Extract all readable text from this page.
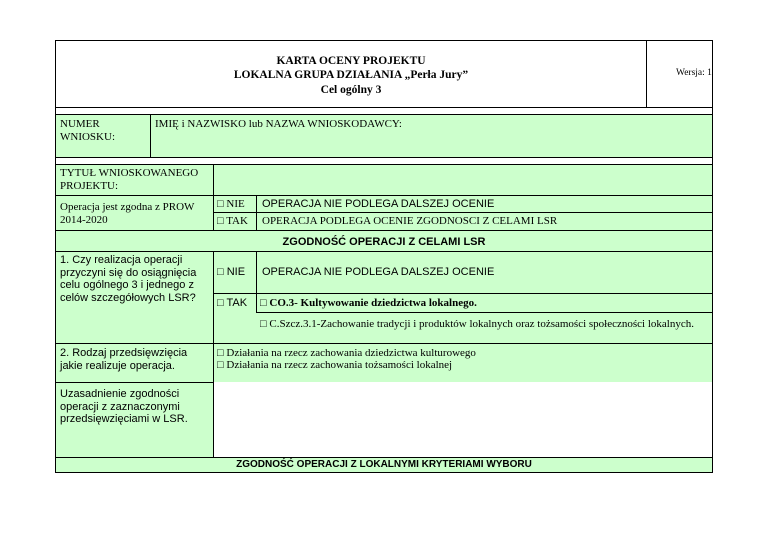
KARTA OCENY PROJEKTU
LOKALNA GRUPA DZIAŁANIA „Perła Jury”
Cel ogólny 3
Wersja: 1
NUMER WNIOSKU:
IMIĘ i NAZWISKO lub NAZWA WNIOSKODAWCY:
TYTUŁ WNIOSKOWANEGO PROJEKTU:
Operacja jest zgodna z PROW 2014-2020
□ NIE OPERACJA NIE PODLEGA DALSZEJ OCENIE
□ TAK OPERACJA PODLEGA OCENIE ZGODNOSCI Z CELAMI LSR
ZGODNOŚĆ OPERACJI Z CELAMI LSR
1. Czy realizacja operacji przyczyni się do osiągnięcia celu ogólnego 3 i jednego z celów szczegółowych LSR?
□ NIE OPERACJA NIE PODLEGA DALSZEJ OCENIE
□ TAK □ CO.3- Kultywowanie dziedzictwa lokalnego.
□ C.Szcz.3.1-Zachowanie tradycji i produktów lokalnych oraz tożsamości społeczności lokalnych.
2. Rodzaj przedsięwzięcia jakie realizuje operacja.
□ Działania na rzecz zachowania dziedzictwa kulturowego
□ Działania na rzecz zachowania tożsamości lokalnej
Uzasadnienie zgodności operacji z zaznaczonymi przedsięwzięciami w LSR.
ZGODNOŚĆ OPERACJI Z LOKALNYMI KRYTERIAMI WYBORU
